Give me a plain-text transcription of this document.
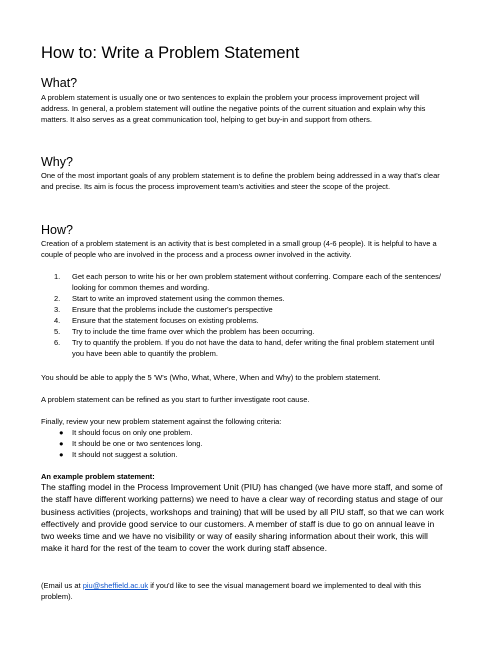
How to: Write a Problem Statement
What?

A problem statement is usually one or two sentences to explain the problem your process improvement project will address. In general, a problem statement will outline the negative points of the current situation and explain why this matters. It also serves as a great communication tool, helping to get buy-in and support from others.

Why?

One of the most important goals of any problem statement is to define the problem being addressed in a way that's clear and precise. Its aim is focus the process improvement team's activities and steer the scope of the project.

How?

Creation of a problem statement is an activity that is best completed in a small group (4-6 people). It is helpful to have a couple of people who are involved in the process and a process owner involved in the activity.

1. Get each person to write his or her own problem statement without conferring. Compare each of the sentences/ looking for common themes and wording.
2. Start to write an improved statement using the common themes.
3. Ensure that the problems include the customer's perspective
4. Ensure that the statement focuses on existing problems.
5. Try to include the time frame over which the problem has been occurring.
6. Try to quantify the problem. If you do not have the data to hand, defer writing the final problem statement until you have been able to quantify the problem.

You should be able to apply the 5 'W's (Who, What, Where, When and Why) to the problem statement.

A problem statement can be refined as you start to further investigate root cause.

Finally, review your new problem statement against the following criteria:

● It should focus on only one problem.
● It should be one or two sentences long.
● It should not suggest a solution.

An example problem statement:

The staffing model in the Process Improvement Unit (PIU) has changed (we have more staff, and some of the staff have different working patterns) we need to have a clear way of recording status and stage of our business activities (projects, workshops and training) that will be used by all PIU staff, so that we can work effectively and provide good service to our customers. A member of staff is due to go on annual leave in two weeks time and we have no visibility or way of easily sharing information about their work, this will make it hard for the rest of the team to cover the work during staff absence.

(Email us at piu@sheffield.ac.uk if you'd like to see the visual management board we implemented to deal with this problem).
